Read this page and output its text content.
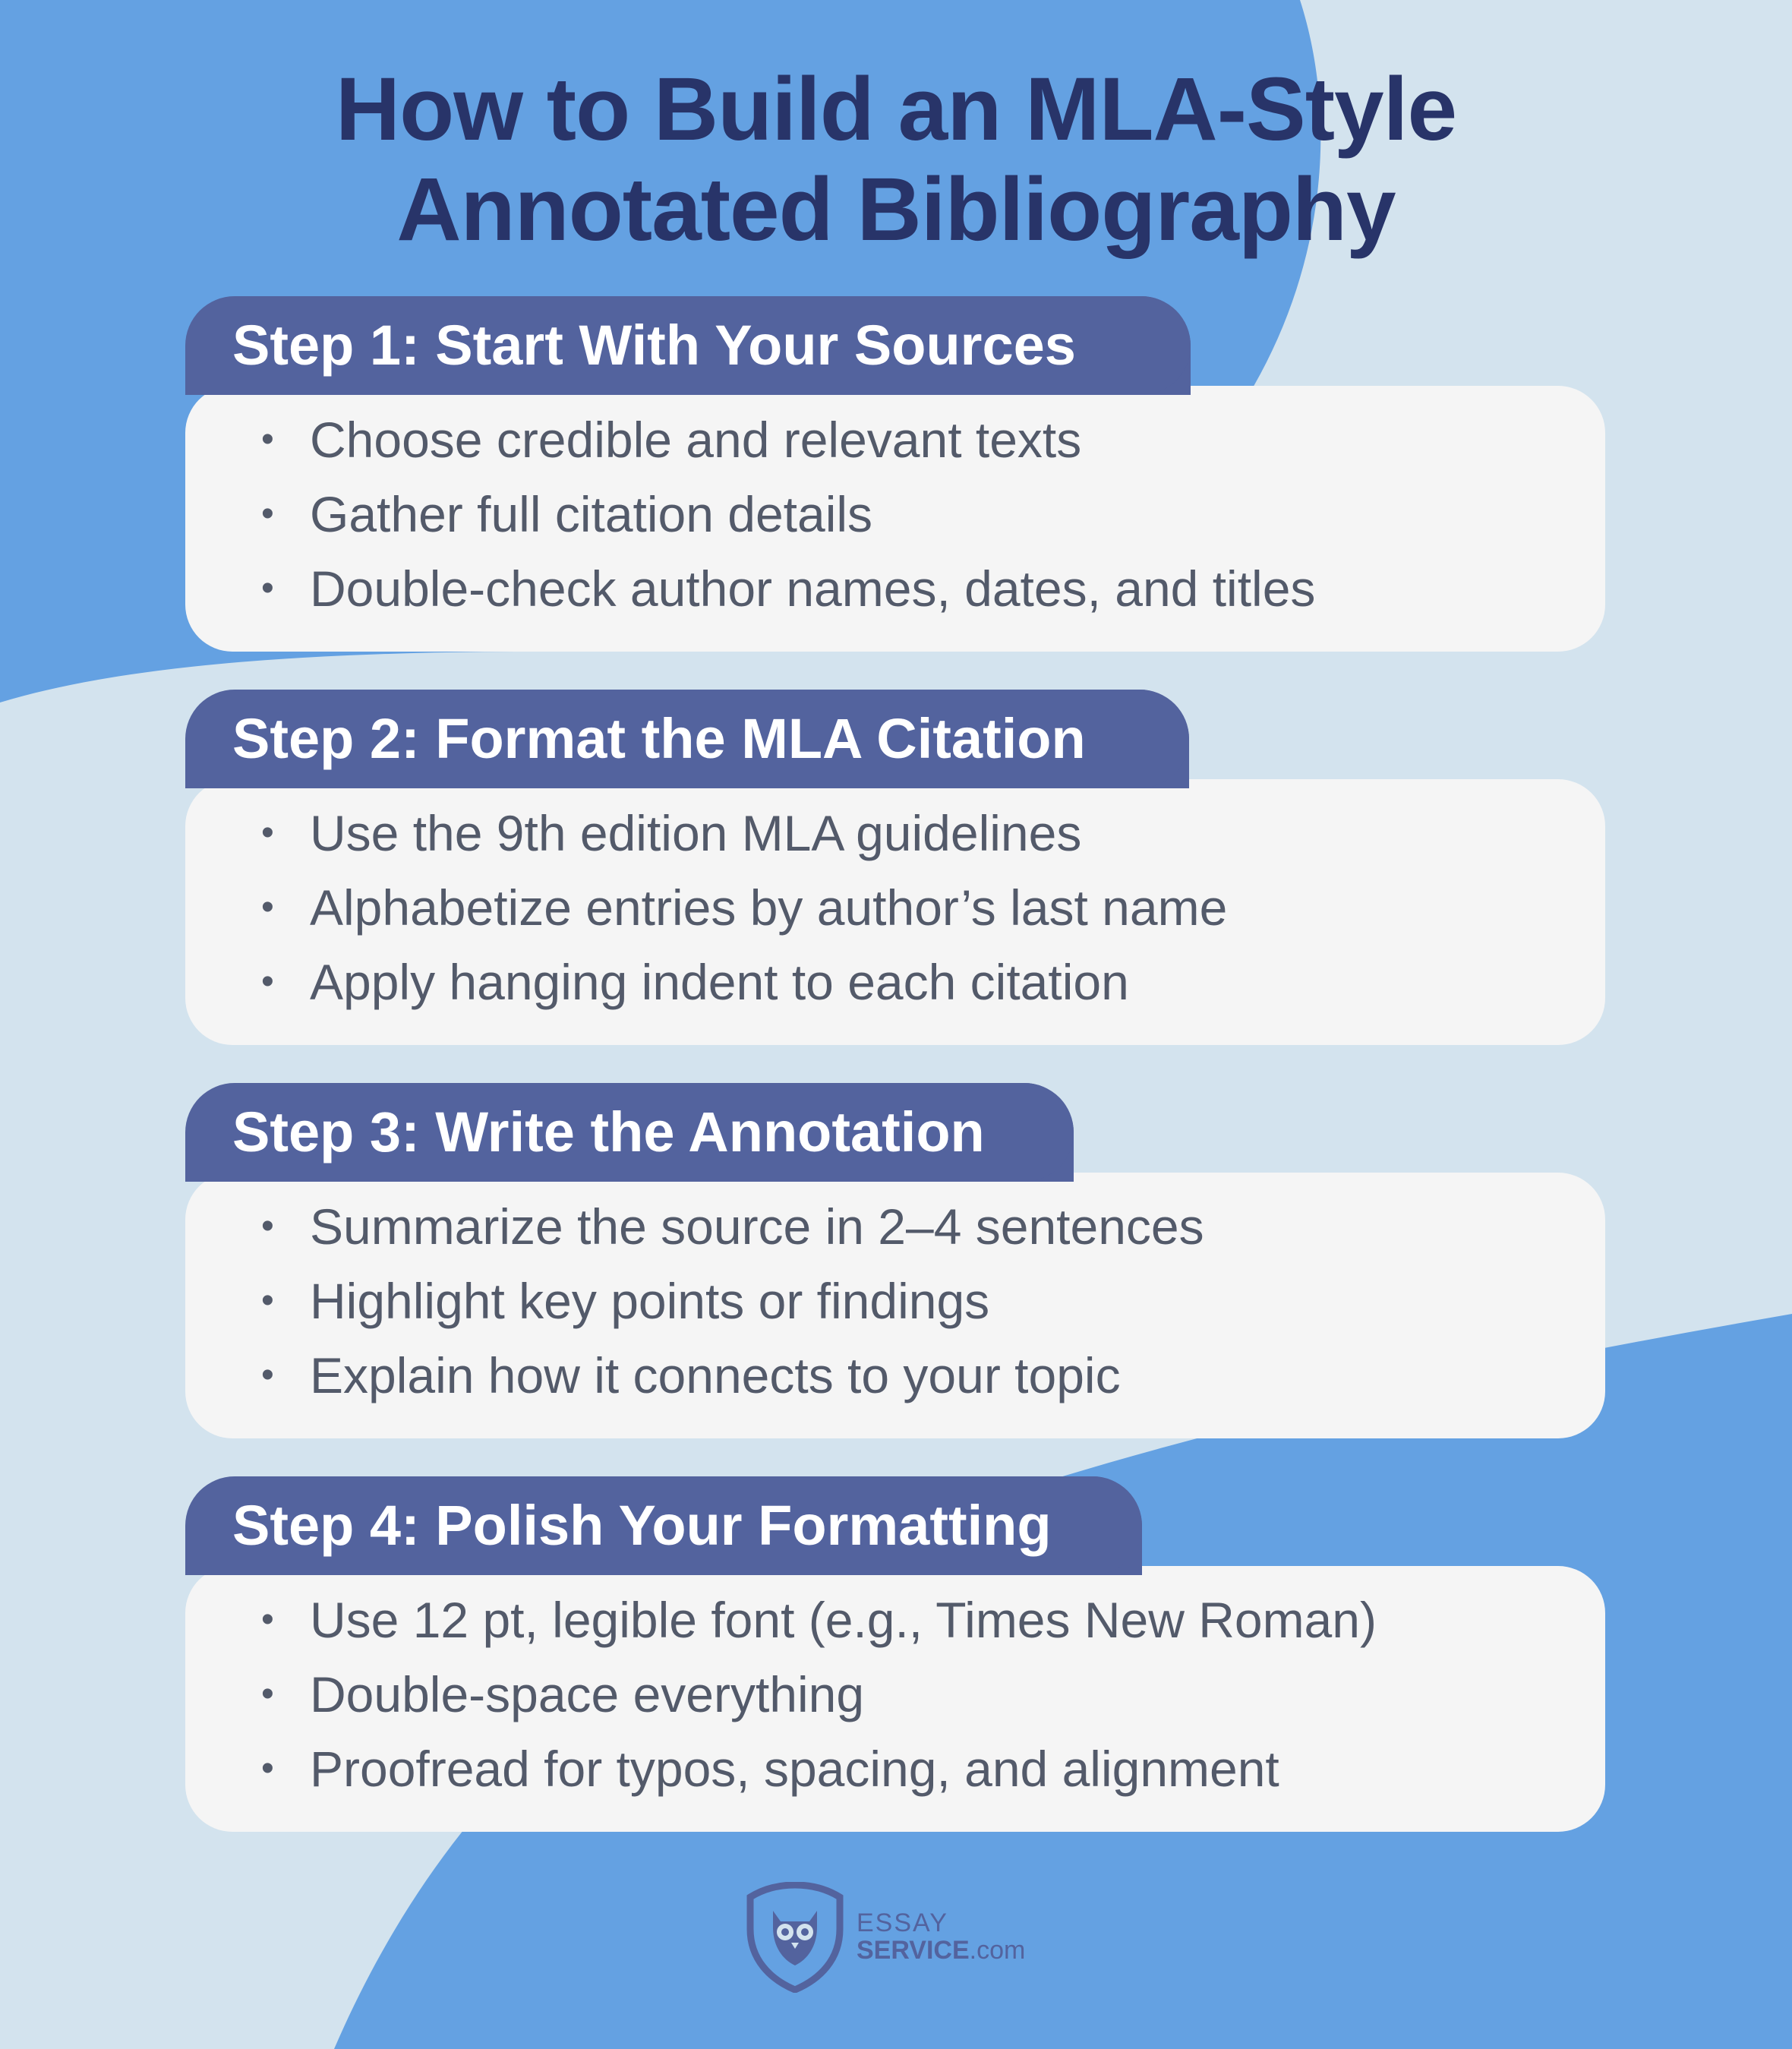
How to Build an MLA-Style
Annotated Bibliography
Step 1: Start With Your Sources
• Choose credible and relevant texts
• Gather full citation details
• Double-check author names, dates, and titles
Step 2: Format the MLA Citation
• Use the 9th edition MLA guidelines
• Alphabetize entries by author’s last name
• Apply hanging indent to each citation
Step 3: Write the Annotation
• Summarize the source in 2–4 sentences
• Highlight key points or findings
• Explain how it connects to your topic
Step 4: Polish Your Formatting
• Use 12 pt, legible font (e.g., Times New Roman)
• Double-space everything
• Proofread for typos, spacing, and alignment
ESSAY
SERVICE.com
